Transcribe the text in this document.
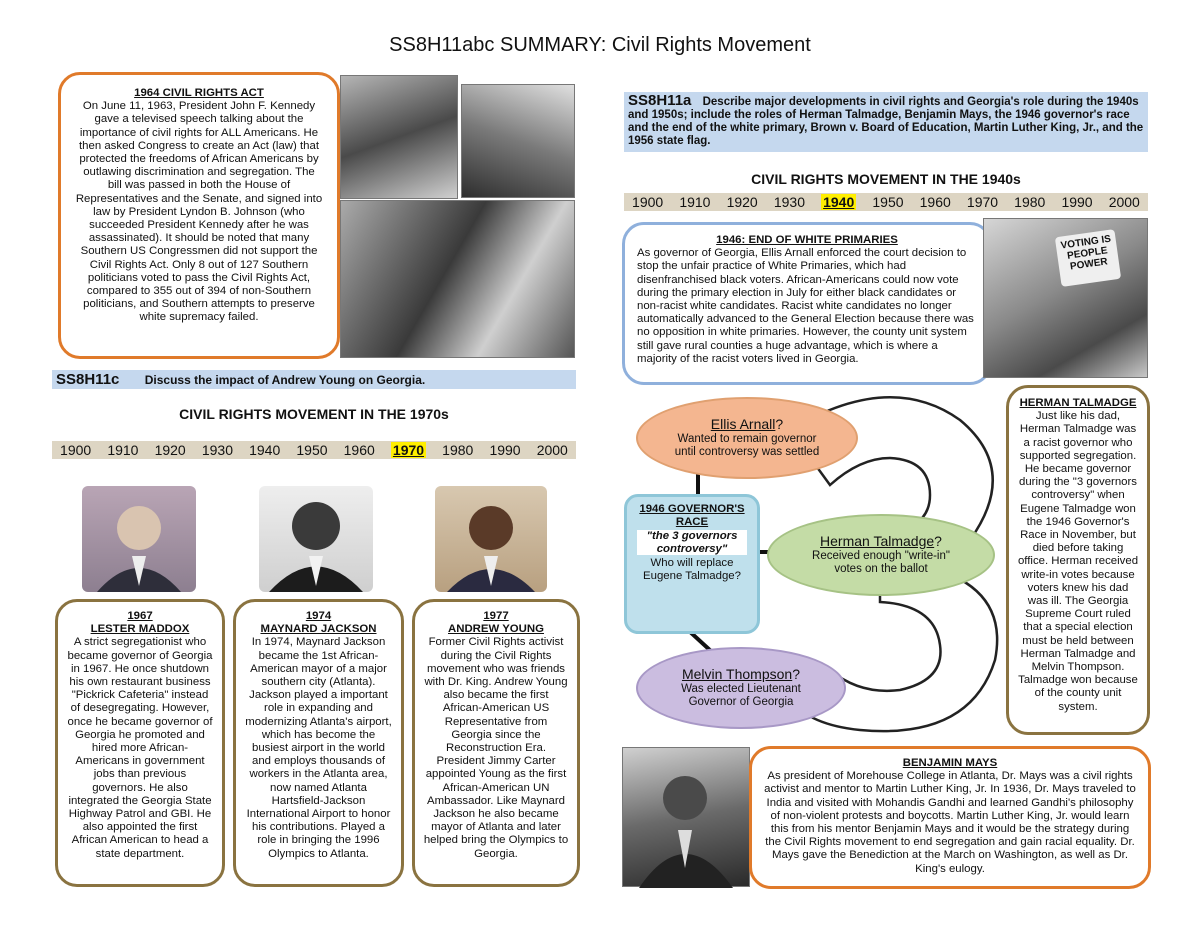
SS8H11abc SUMMARY: Civil Rights Movement
1964 CIVIL RIGHTS ACT
On June 11, 1963, President John F. Kennedy gave a televised speech talking about the importance of civil rights for ALL Americans. He then asked Congress to create an Act (law) that protected the freedoms of African Americans by outlawing discrimination and segregation. The bill was passed in both the House of Representatives and the Senate, and signed into law by President Lyndon B. Johnson (who succeeded President Kennedy after he was assassinated). It should be noted that many Southern US Congressmen did not support the Civil Rights Act. Only 8 out of 127 Southern politicians voted to pass the Civil Rights Act, compared to 355 out of 394 of non-Southern politicians, and Southern attempts to preserve white supremacy failed.
SS8H11c Discuss the impact of Andrew Young on Georgia.
CIVIL RIGHTS MOVEMENT IN THE 1970s
1900 1910 1920 1930 1940 1950 1960 1970 1980 1990 2000
1967
LESTER MADDOX
A strict segregationist who became governor of Georgia in 1967. He once shutdown his own restaurant business "Pickrick Cafeteria" instead of desegregating. However, once he became governor of Georgia he promoted and hired more African-Americans in government jobs than previous governors. He also integrated the Georgia State Highway Patrol and GBI. He also appointed the first African American to head a state department.
1974
MAYNARD JACKSON
In 1974, Maynard Jackson became the 1st African-American mayor of a major southern city (Atlanta). Jackson played a important role in expanding and modernizing Atlanta's airport, which has become the busiest airport in the world and employs thousands of workers in the Atlanta area, now named Atlanta Hartsfield-Jackson International Airport to honor his contributions. Played a role in bringing the 1996 Olympics to Atlanta.
1977
ANDREW YOUNG
Former Civil Rights activist during the Civil Rights movement who was friends with Dr. King. Andrew Young also became the first African-American US Representative from Georgia since the Reconstruction Era. President Jimmy Carter appointed Young as the first African-American UN Ambassador. Like Maynard Jackson he also became mayor of Atlanta and later helped bring the Olympics to Georgia.
SS8H11a Describe major developments in civil rights and Georgia's role during the 1940s and 1950s; include the roles of Herman Talmadge, Benjamin Mays, the 1946 governor's race and the end of the white primary, Brown v. Board of Education, Martin Luther King, Jr., and the 1956 state flag.
CIVIL RIGHTS MOVEMENT IN THE 1940s
1900 1910 1920 1930 1940 1950 1960 1970 1980 1990 2000
1946: END OF WHITE PRIMARIES
As governor of Georgia, Ellis Arnall enforced the court decision to stop the unfair practice of White Primaries, which had disenfranchised black voters. African-Americans could now vote during the primary election in July for either black candidates or non-racist white candidates. Racist white candidates no longer automatically advanced to the General Election because there was no opposition in white primaries. However, the county unit system still gave rural counties a huge advantage, which is where a majority of the racist voters lived in Georgia.
VOTING IS PEOPLE POWER
Ellis Arnall?
Wanted to remain governor until controversy was settled
1946 GOVERNOR'S RACE
"the 3 governors controversy"
Who will replace Eugene Talmadge?
Herman Talmadge?
Received enough "write-in" votes on the ballot
Melvin Thompson?
Was elected Lieutenant Governor of Georgia
HERMAN TALMADGE
Just like his dad, Herman Talmadge was a racist governor who supported segregation. He became governor during the "3 governors controversy" when Eugene Talmadge won the 1946 Governor's Race in November, but died before taking office. Herman received write-in votes because voters knew his dad was ill. The Georgia Supreme Court ruled that a special election must be held between Herman Talmadge and Melvin Thompson. Talmadge won because of the county unit system.
BENJAMIN MAYS
As president of Morehouse College in Atlanta, Dr. Mays was a civil rights activist and mentor to Martin Luther King, Jr. In 1936, Dr. Mays traveled to India and visited with Mohandis Gandhi and learned Gandhi's philosophy of non-violent protests and boycotts. Martin Luther King, Jr. would learn this from his mentor Benjamin Mays and it would be the strategy during the Civil Rights movement to end segregation and gain racial equality. Dr. Mays gave the Benediction at the March on Washington, as well as Dr. King's eulogy.
